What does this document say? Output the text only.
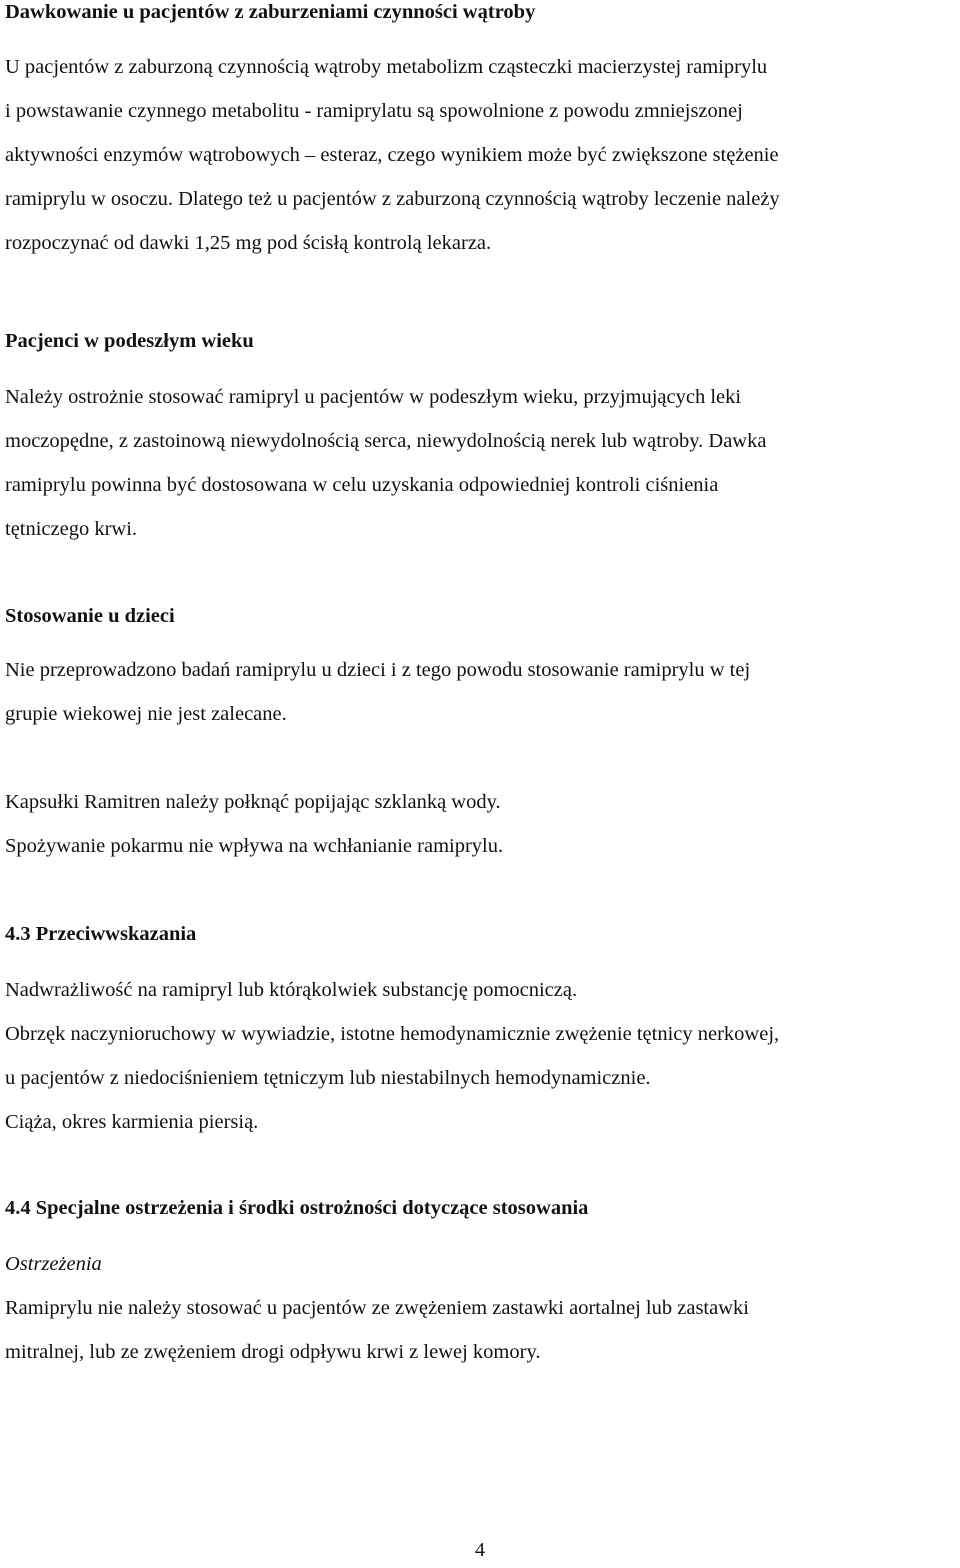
Dawkowanie u pacjentów z zaburzeniami czynności wątroby
U pacjentów z zaburzoną czynnością wątroby metabolizm cząsteczki macierzystej ramiprylu
i powstawanie czynnego metabolitu - ramiprylatu są spowolnione z powodu zmniejszonej
aktywności enzymów wątrobowych – esteraz, czego wynikiem może być zwiększone stężenie
ramiprylu w osoczu. Dlatego też u pacjentów z zaburzoną czynnością wątroby leczenie należy
rozpoczynać od dawki 1,25 mg pod ścisłą kontrolą lekarza.
Pacjenci w podeszłym wieku
Należy ostrożnie stosować ramipryl u pacjentów w podeszłym wieku, przyjmujących leki
moczopędne, z zastoinową niewydolnością serca, niewydolnością nerek lub wątroby. Dawka
ramiprylu powinna być dostosowana w celu uzyskania odpowiedniej kontroli ciśnienia
tętniczego krwi.
Stosowanie u dzieci
Nie przeprowadzono badań ramiprylu u dzieci i z tego powodu stosowanie ramiprylu w tej
grupie wiekowej nie jest zalecane.
Kapsułki Ramitren należy połknąć popijając szklanką wody.
Spożywanie pokarmu nie wpływa na wchłanianie ramiprylu.
4.3 Przeciwwskazania
Nadwrażliwość na ramipryl lub którąkolwiek substancję pomocniczą.
Obrzęk naczynioruchowy w wywiadzie, istotne hemodynamicznie zwężenie tętnicy nerkowej,
u pacjentów z niedociśnieniem tętniczym lub niestabilnych hemodynamicznie.
Ciąża, okres karmienia piersią.
4.4 Specjalne ostrzeżenia i środki ostrożności dotyczące stosowania
Ostrzeżenia
Ramiprylu nie należy stosować u pacjentów ze zwężeniem zastawki aortalnej lub zastawki
mitralnej, lub ze zwężeniem drogi odpływu krwi z lewej komory.
4
